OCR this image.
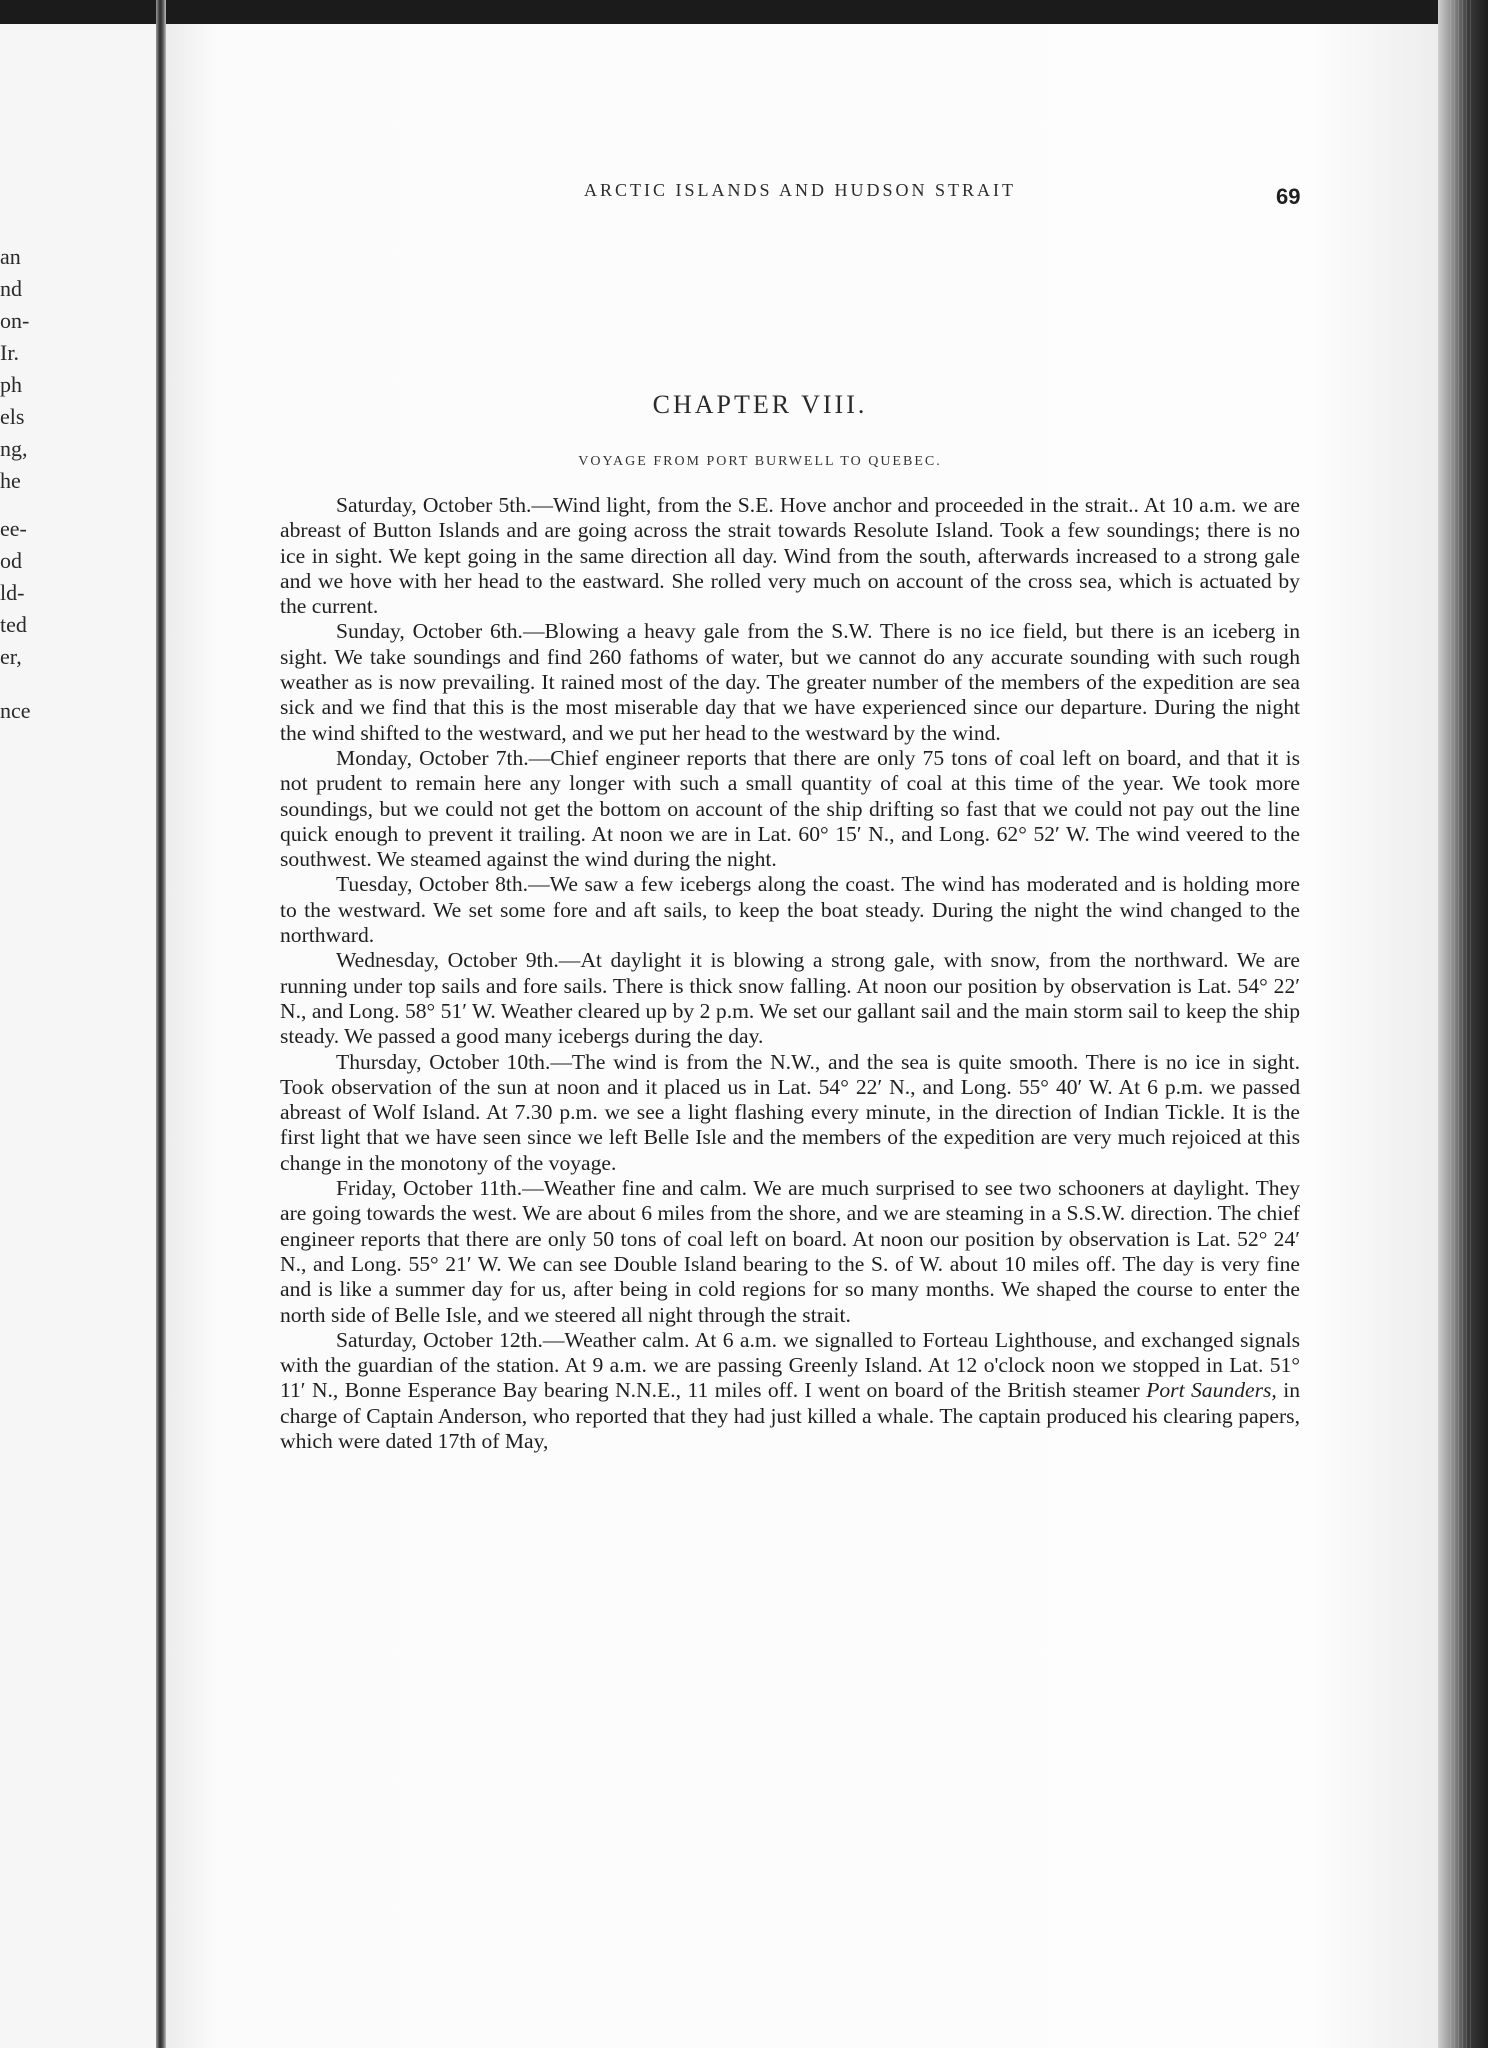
an
nd
on-
Ir.
ph
els
ng,
he
ee-
od
ld-
ted
er,
nce
ARCTIC ISLANDS AND HUDSON STRAIT	69
CHAPTER VIII.
VOYAGE FROM PORT BURWELL TO QUEBEC.

Saturday, October 5th.—Wind light, from the S.E. Hove anchor and proceeded in the strait.. At 10 a.m. we are abreast of Button Islands and are going across the strait towards Resolute Island. Took a few soundings; there is no ice in sight. We kept going in the same direction all day. Wind from the south, afterwards increased to a strong gale and we hove with her head to the eastward. She rolled very much on account of the cross sea, which is actuated by the current.

Sunday, October 6th.—Blowing a heavy gale from the S.W. There is no ice field, but there is an iceberg in sight. We take soundings and find 260 fathoms of water, but we cannot do any accurate sounding with such rough weather as is now prevailing. It rained most of the day. The greater number of the members of the expedition are sea sick and we find that this is the most miserable day that we have experienced since our departure. During the night the wind shifted to the westward, and we put her head to the westward by the wind.

Monday, October 7th.—Chief engineer reports that there are only 75 tons of coal left on board, and that it is not prudent to remain here any longer with such a small quantity of coal at this time of the year. We took more soundings, but we could not get the bottom on account of the ship drifting so fast that we could not pay out the line quick enough to prevent it trailing. At noon we are in Lat. 60° 15′ N., and Long. 62° 52′ W. The wind veered to the southwest. We steamed against the wind during the night.

Tuesday, October 8th.—We saw a few icebergs along the coast. The wind has moderated and is holding more to the westward. We set some fore and aft sails, to keep the boat steady. During the night the wind changed to the northward.

Wednesday, October 9th.—At daylight it is blowing a strong gale, with snow, from the northward. We are running under top sails and fore sails. There is thick snow falling. At noon our position by observation is Lat. 54° 22′ N., and Long. 58° 51′ W. Weather cleared up by 2 p.m. We set our gallant sail and the main storm sail to keep the ship steady. We passed a good many icebergs during the day.

Thursday, October 10th.—The wind is from the N.W., and the sea is quite smooth. There is no ice in sight. Took observation of the sun at noon and it placed us in Lat. 54° 22′ N., and Long. 55° 40′ W. At 6 p.m. we passed abreast of Wolf Island. At 7.30 p.m. we see a light flashing every minute, in the direction of Indian Tickle. It is the first light that we have seen since we left Belle Isle and the members of the expedition are very much rejoiced at this change in the monotony of the voyage.

Friday, October 11th.—Weather fine and calm. We are much surprised to see two schooners at daylight. They are going towards the west. We are about 6 miles from the shore, and we are steaming in a S.S.W. direction. The chief engineer reports that there are only 50 tons of coal left on board. At noon our position by observation is Lat. 52° 24′ N., and Long. 55° 21′ W. We can see Double Island bearing to the S. of W. about 10 miles off. The day is very fine and is like a summer day for us, after being in cold regions for so many months. We shaped the course to enter the north side of Belle Isle, and we steered all night through the strait.

Saturday, October 12th.—Weather calm. At 6 a.m. we signalled to Forteau Lighthouse, and exchanged signals with the guardian of the station. At 9 a.m. we are passing Greenly Island. At 12 o'clock noon we stopped in Lat. 51° 11′ N., Bonne Esperance Bay bearing N.N.E., 11 miles off. I went on board of the British steamer Port Saunders, in charge of Captain Anderson, who reported that they had just killed a whale. The captain produced his clearing papers, which were dated 17th of May,
